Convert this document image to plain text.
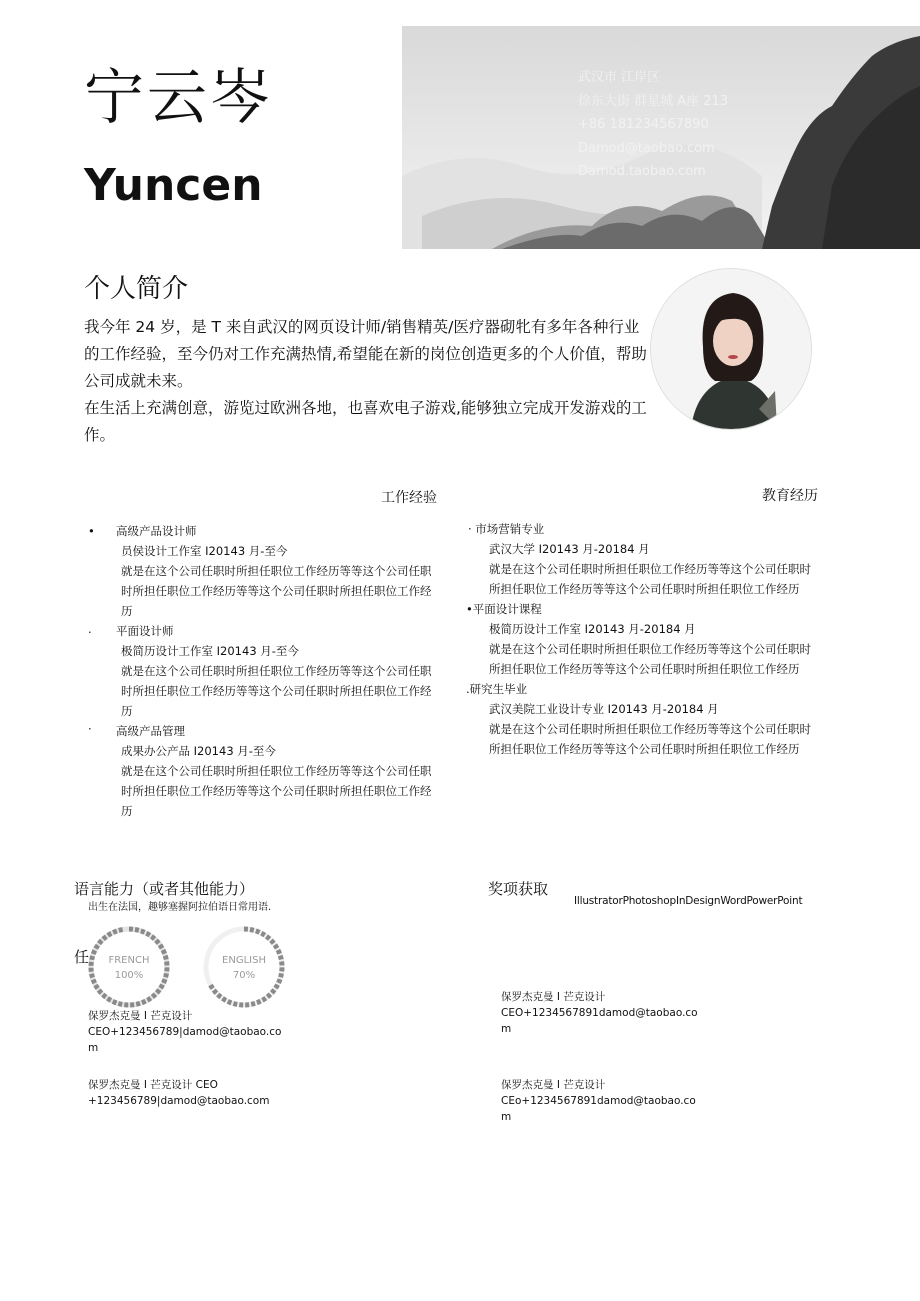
宁云岑
Yuncen
武汉市 江岸区
徐东大街 群星城 A座 213
+86 181234567890
Damod@taobao.com
Damod.taobao.com
个人简介

我今年 24 岁，是 T 来自武汉的网页设计师/销售精英/医疗器砌牝有多年各种行业的工作经验，至今仍对工作充满热情,希望能在新的岗位创造更多的个人价值，帮助公司成就未来。

在生活上充满创意，游览过欧洲各地，也喜欢电子游戏,能够独立完成开发游戏的工作。

工作经验
• 高级产品设计师
员侯设计工作室 I20143 月-至今
就是在这个公司任职时所担任职位工作经历等等这个公司任职时所担任职位工作经历等等这个公司任职时所担任职位工作经历
. 平面设计师
极简历设计工作室 I20143 月-至今
就是在这个公司任职时所担任职位工作经历等等这个公司任职时所担任职位工作经历等等这个公司任职时所担任职位工作经历
· 高级产品管理
成果办公产品 I20143 月-至今
就是在这个公司任职时所担任职位工作经历等等这个公司任职时所担任职位工作经历等等这个公司任职时所担任职位工作经历
教育经历
· 市场营销专业
武汉大学 I20143 月-20184 月
就是在这个公司任职时所担任职位工作经历等等这个公司任职时所担任职位工作经历等等这个公司任职时所担任职位工作经历
•平面设计课程
极简历设计工作室 I20143 月-20184 月
就是在这个公司任职时所担任职位工作经历等等这个公司任职时所担任职位工作经历等等这个公司任职时所担任职位工作经历
.研究生毕业
武汉美院工业设计专业 I20143 月-20184 月
就是在这个公司任职时所担任职位工作经历等等这个公司任职时所担任职位工作经历等等这个公司任职时所担任职位工作经历
语言能力（或者其他能力）
出生在法国，趣够塞握阿拉伯语日常用语.
任 FRENCH
100%
ENGLISH
70%
奖项获取
IllustratorPhotoshopInDesignWordPowerPoint
保罗杰克曼 I 芒克设计
CEO+123456789|damod@taobao.co
m
保罗杰克曼 I 芒克设计 CEO
+123456789|damod@taobao.com
保罗杰克曼 I 芒克设计
CEO+1234567891damod@taobao.co
m
保罗杰克曼 I 芒克设计
CEo+1234567891damod@taobao.co
m
